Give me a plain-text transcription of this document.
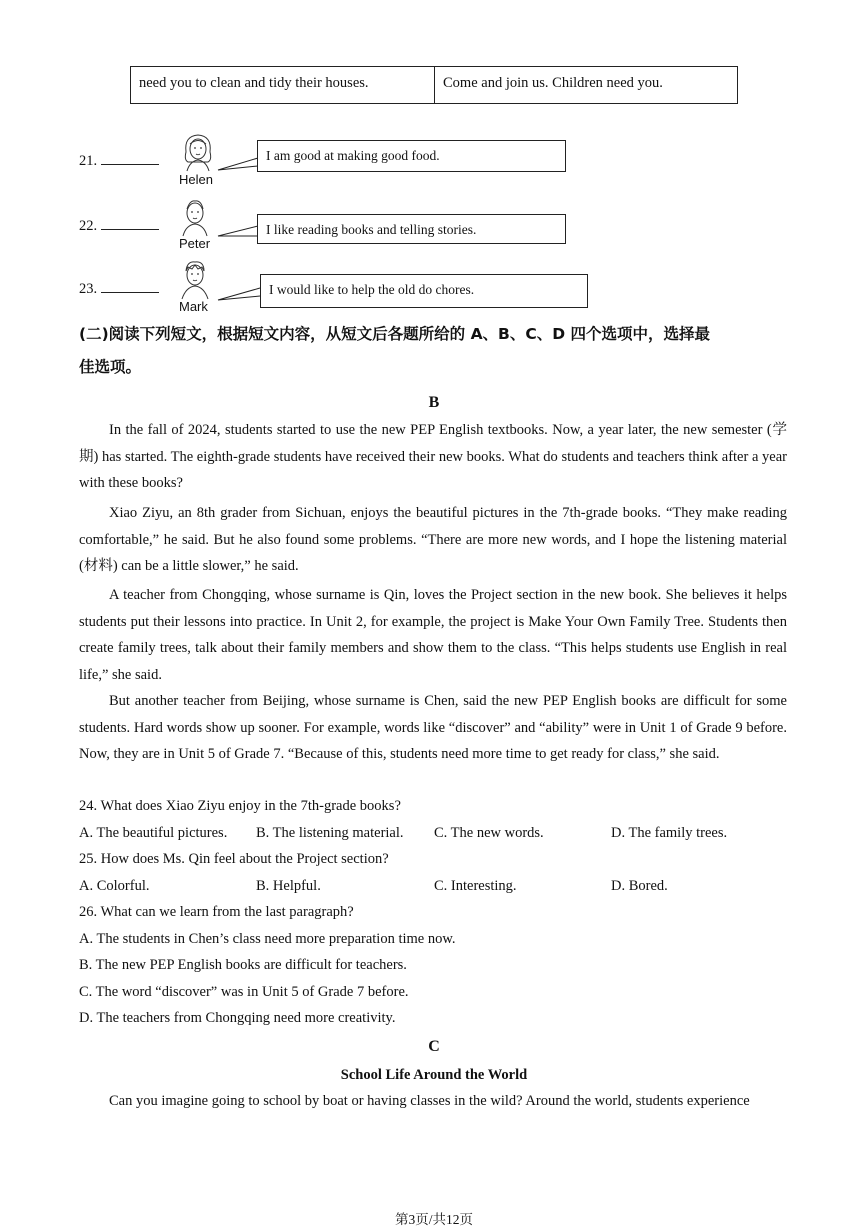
need you to clean and tidy their houses.	Come and join us. Children need you.
21.
Helen
I am good at making good food.
22.
Peter
I like reading books and telling stories.
23.
Mark
I would like to help the old do chores.
(二)阅读下列短文，根据短文内容，从短文后各题所给的 A、B、C、D 四个选项中，选择最
佳选项。
B
In the fall of 2024, students started to use the new PEP English textbooks. Now, a year later, the new semester (学期) has started. The eighth-grade students have received their new books. What do students and teachers think after a year with these books?
Xiao Ziyu, an 8th grader from Sichuan, enjoys the beautiful pictures in the 7th-grade books. “They make reading comfortable,” he said. But he also found some problems. “There are more new words, and I hope the listening material (材料) can be a little slower,” he said.
A teacher from Chongqing, whose surname is Qin, loves the Project section in the new book. She believes it helps students put their lessons into practice. In Unit 2, for example, the project is Make Your Own Family Tree. Students then create family trees, talk about their family members and show them to the class. “This helps students use English in real life,” she said.
But another teacher from Beijing, whose surname is Chen, said the new PEP English books are difficult for some students. Hard words show up sooner. For example, words like “discover” and “ability” were in Unit 1 of Grade 9 before. Now, they are in Unit 5 of Grade 7. “Because of this, students need more time to get ready for class,” she said.
24. What does Xiao Ziyu enjoy in the 7th-grade books?
A. The beautiful pictures. B. The listening material. C. The new words.	D. The family trees.
25. How does Ms. Qin feel about the Project section?
A. Colorful.	B. Helpful.	C. Interesting.	D. Bored.
26. What can we learn from the last paragraph?
A. The students in Chen’s class need more preparation time now.
B. The new PEP English books are difficult for teachers.
C. The word “discover” was in Unit 5 of Grade 7 before.
D. The teachers from Chongqing need more creativity.
C
School Life Around the World
Can you imagine going to school by boat or having classes in the wild? Around the world, students experience
第3页/共12页
